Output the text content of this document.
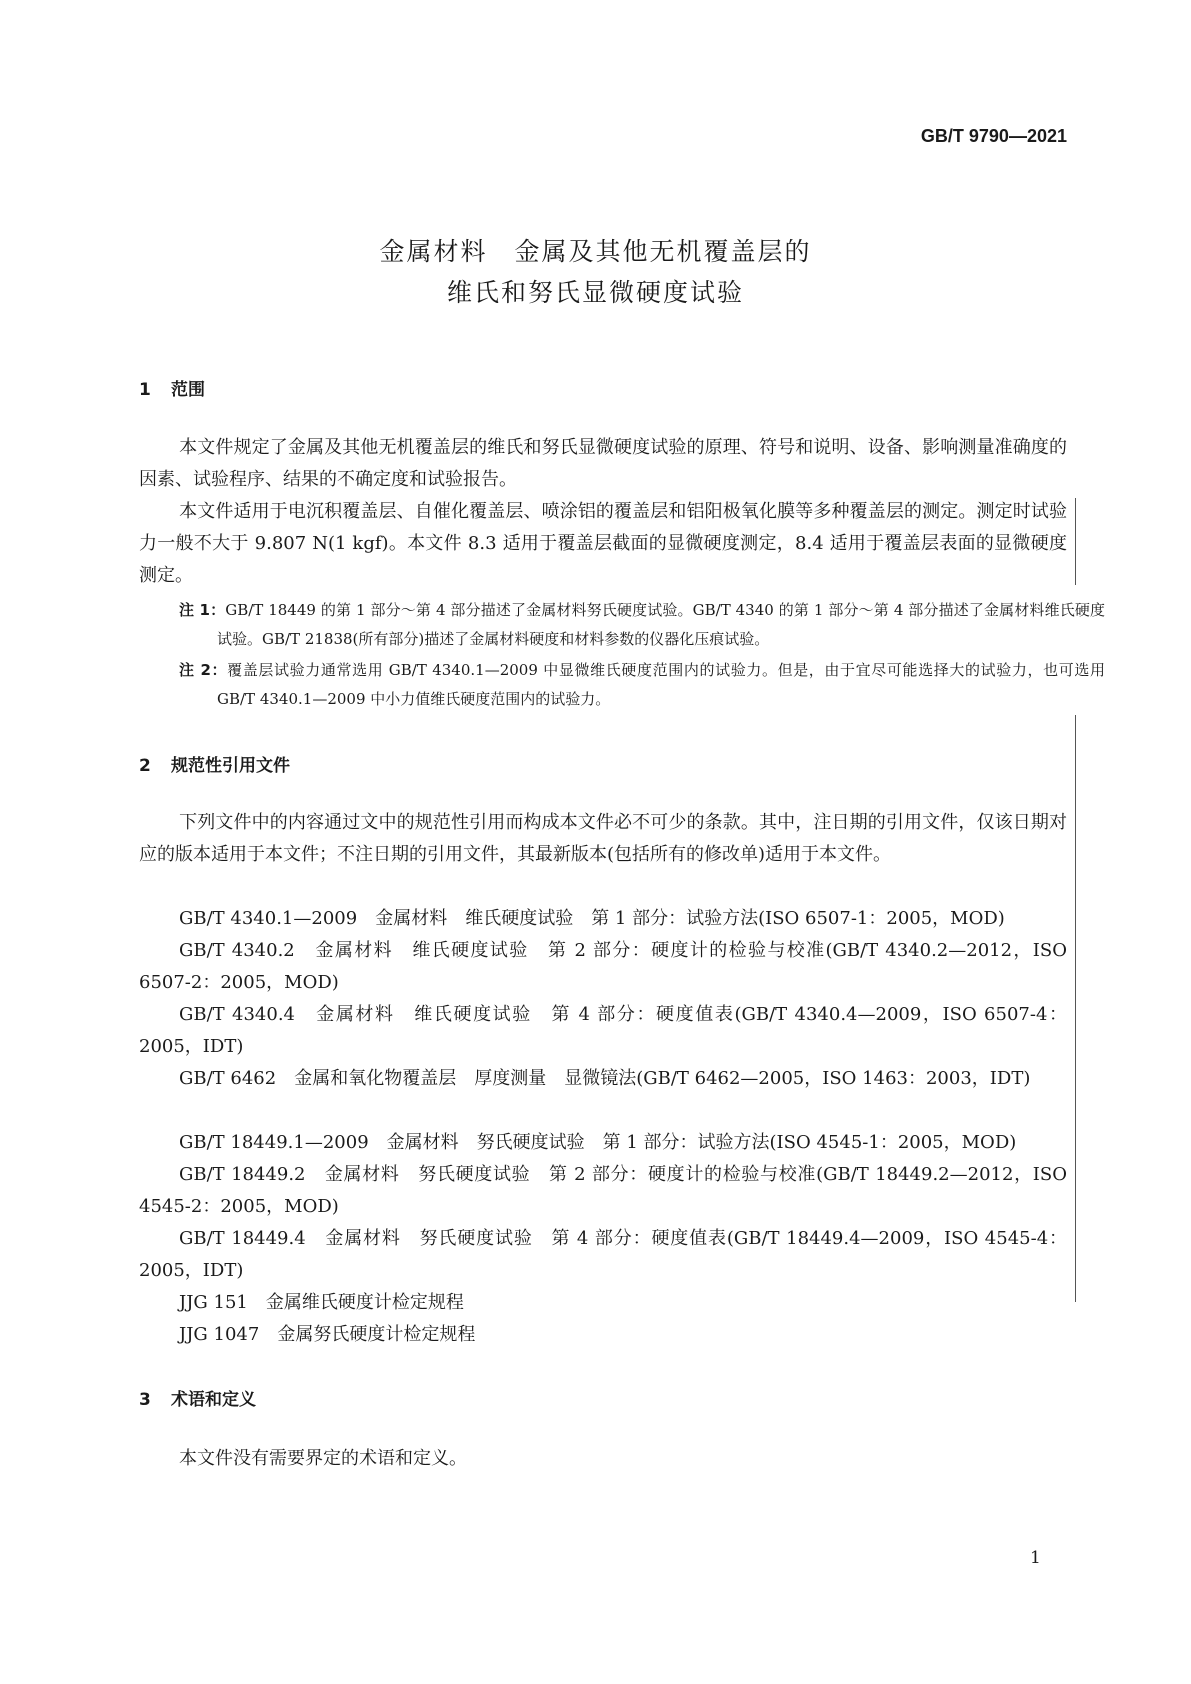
GB/T 9790—2021
金属材料　金属及其他无机覆盖层的
维氏和努氏显微硬度试验
1 范围
本文件规定了金属及其他无机覆盖层的维氏和努氏显微硬度试验的原理、符号和说明、设备、影响测量准确度的因素、试验程序、结果的不确定度和试验报告。
本文件适用于电沉积覆盖层、自催化覆盖层、喷涂铝的覆盖层和铝阳极氧化膜等多种覆盖层的测定。测定时试验力一般不大于 9.807 N(1 kgf)。本文件 8.3 适用于覆盖层截面的显微硬度测定，8.4 适用于覆盖层表面的显微硬度测定。
注 1：GB/T 18449 的第 1 部分～第 4 部分描述了金属材料努氏硬度试验。GB/T 4340 的第 1 部分～第 4 部分描述了金属材料维氏硬度试验。GB/T 21838(所有部分)描述了金属材料硬度和材料参数的仪器化压痕试验。
注 2：覆盖层试验力通常选用 GB/T 4340.1—2009 中显微维氏硬度范围内的试验力。但是，由于宜尽可能选择大的试验力，也可选用 GB/T 4340.1—2009 中小力值维氏硬度范围内的试验力。
2 规范性引用文件
下列文件中的内容通过文中的规范性引用而构成本文件必不可少的条款。其中，注日期的引用文件，仅该日期对应的版本适用于本文件；不注日期的引用文件，其最新版本(包括所有的修改单)适用于本文件。
GB/T 4340.1—2009　金属材料　维氏硬度试验　第 1 部分：试验方法(ISO 6507-1：2005，MOD)
GB/T 4340.2　金属材料　维氏硬度试验　第 2 部分：硬度计的检验与校准(GB/T 4340.2—2012，ISO 6507-2：2005，MOD)
GB/T 4340.4　金属材料　维氏硬度试验　第 4 部分：硬度值表(GB/T 4340.4—2009，ISO 6507-4：2005，IDT)
GB/T 6462　金属和氧化物覆盖层　厚度测量　显微镜法(GB/T 6462—2005，ISO 1463：2003，IDT)
GB/T 18449.1—2009　金属材料　努氏硬度试验　第 1 部分：试验方法(ISO 4545-1：2005，MOD)
GB/T 18449.2　金属材料　努氏硬度试验　第 2 部分：硬度计的检验与校准(GB/T 18449.2—2012，ISO 4545-2：2005，MOD)
GB/T 18449.4　金属材料　努氏硬度试验　第 4 部分：硬度值表(GB/T 18449.4—2009，ISO 4545-4：2005，IDT)
JJG 151　金属维氏硬度计检定规程
JJG 1047　金属努氏硬度计检定规程
3 术语和定义
本文件没有需要界定的术语和定义。
1
